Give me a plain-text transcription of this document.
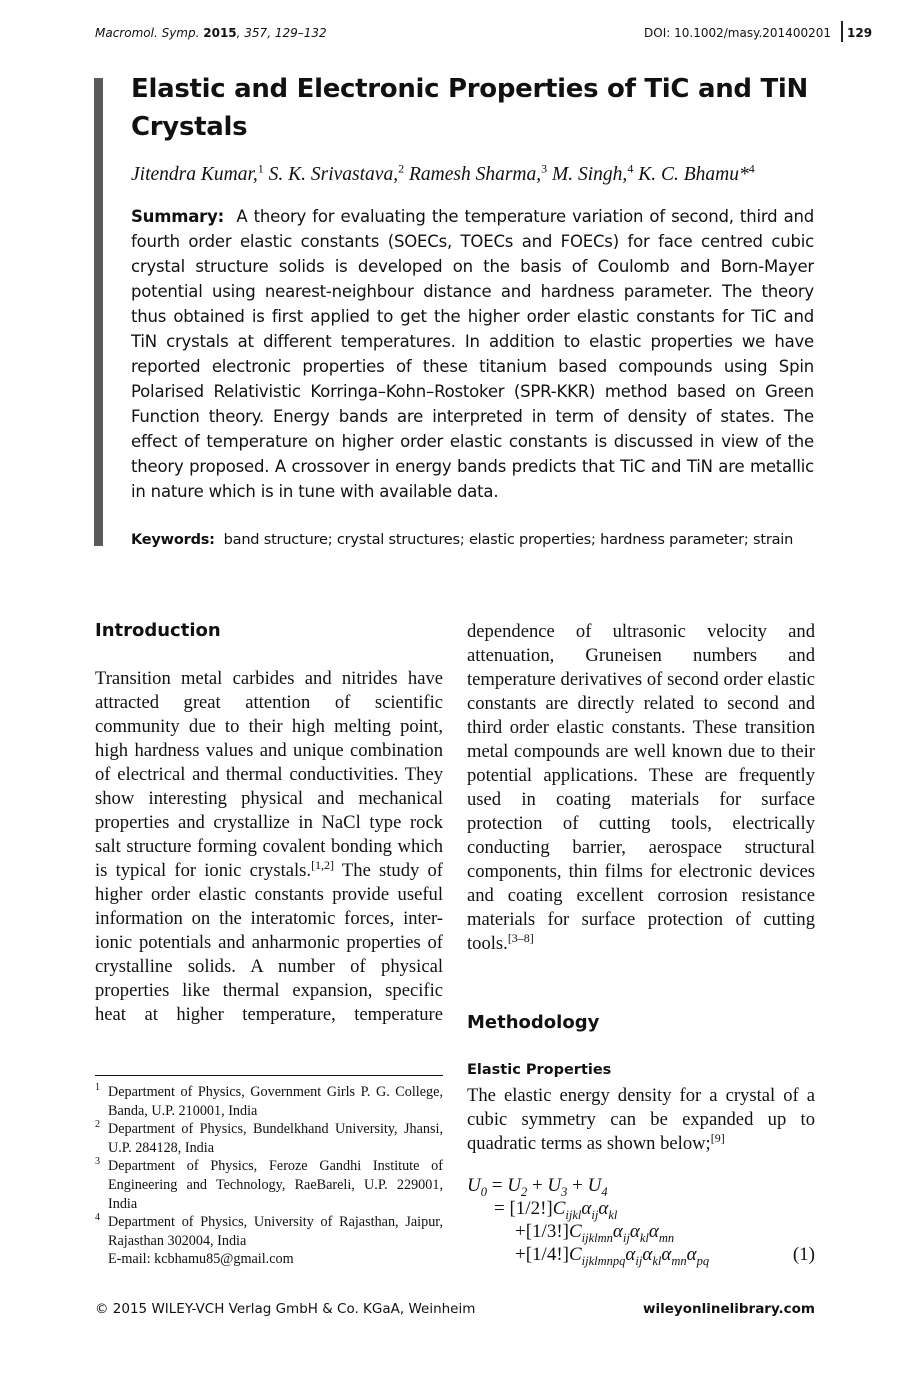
Macromol. Symp. 2015, 357, 129–132	DOI: 10.1002/masy.201400201 129
Elastic and Electronic Properties of TiC and TiN Crystals
Jitendra Kumar,$^1$ S. K. Srivastava,$^2$ Ramesh Sharma,$^3$ M. Singh,$^4$ K. C. Bhamu*$^4$

Summary: A theory for evaluating the temperature variation of second, third and fourth order elastic constants (SOECs, TOECs and FOECs) for face centred cubic crystal structure solids is developed on the basis of Coulomb and Born-Mayer potential using nearest-neighbour distance and hardness parameter. The theory thus obtained is first applied to get the higher order elastic constants for TiC and TiN crystals at different temperatures. In addition to elastic properties we have reported electronic properties of these titanium based compounds using Spin Polarised Relativistic Korringa–Kohn–Rostoker (SPR-KKR) method based on Green Function theory. Energy bands are interpreted in term of density of states. The effect of temperature on higher order elastic constants is discussed in view of the theory proposed. A crossover in energy bands predicts that TiC and TiN are metallic in nature which is in tune with available data.

Keywords: band structure; crystal structures; elastic properties; hardness parameter; strain
Introduction

Transition metal carbides and nitrides have attracted great attention of scientific community due to their high melting point, high hardness values and unique combination of electrical and thermal conductivities. They show interesting physical and mechanical properties and crystallize in NaCl type rock salt structure forming covalent bonding which is typical for ionic crystals.[1,2] The study of higher order elastic constants provide useful information on the interatomic forces, inter-ionic potentials and anharmonic properties of crystalline solids. A number of physical properties like thermal expansion, specific heat at higher temperature, temperature dependence of ultrasonic velocity and attenuation, Gruneisen numbers and temperature derivatives of second order elastic constants are directly related to second and third order elastic constants. These transition metal compounds are well known due to their potential applications. These are frequently used in coating materials for surface protection of cutting tools, electrically conducting barrier, aerospace structural components, thin films for electronic devices and coating excellent corrosion resistance materials for surface protection of cutting tools.[3–8]

1 Department of Physics, Government Girls P. G. College, Banda, U.P. 210001, India
2 Department of Physics, Bundelkhand University, Jhansi, U.P. 284128, India
3 Department of Physics, Feroze Gandhi Institute of Engineering and Technology, RaeBareli, U.P. 229001, India
4 Department of Physics, University of Rajasthan, Jaipur, Rajasthan 302004, India
E-mail: kcbhamu85@gmail.com
Methodology
Elastic Properties

The elastic energy density for a crystal of a cubic symmetry can be expanded up to quadratic terms as shown below;[9]

$U_0 = U_2 + U_3 + U_4$
= $[1/2!]C_{ijkl}\alpha_{ij}\alpha_{kl}$
$+[1/3!]C_{ijklmn}\alpha_{ij}\alpha_{kl}\alpha_{mn}$
$+[1/4!]C_{ijklmnpq}\alpha_{ij}\alpha_{kl}\alpha_{mn}\alpha_{pq}$	(1)
© 2015 WILEY-VCH Verlag GmbH & Co. KGaA, Weinheim	wileyonlinelibrary.com
